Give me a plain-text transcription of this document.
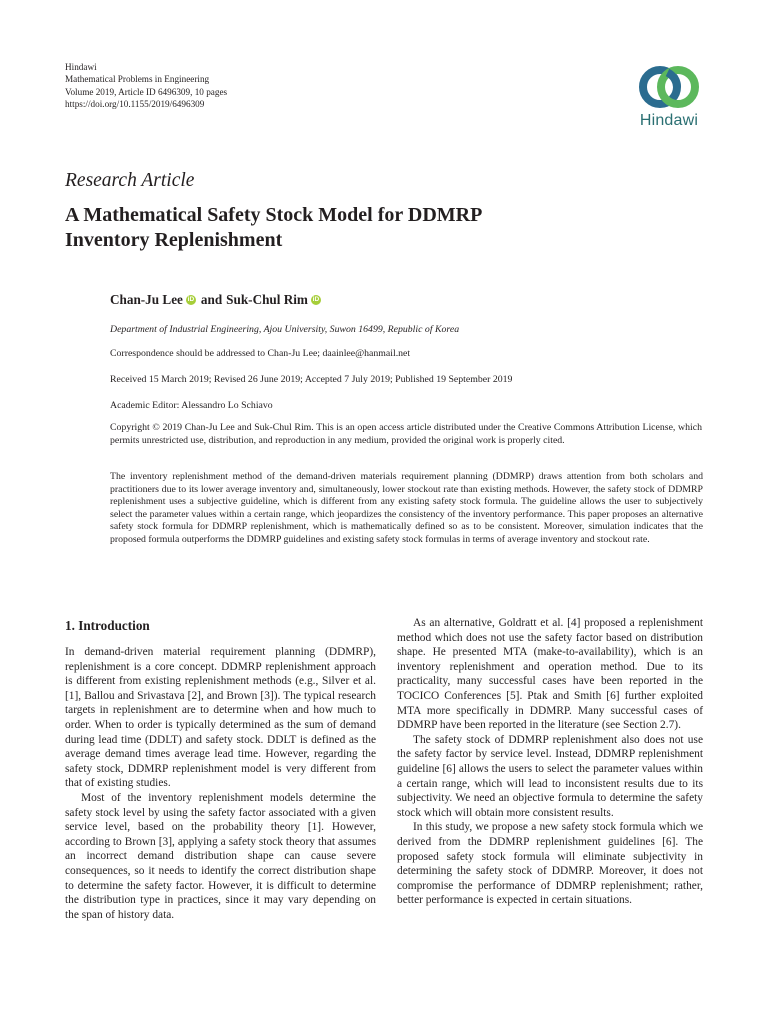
Hindawi
Mathematical Problems in Engineering
Volume 2019, Article ID 6496309, 10 pages
https://doi.org/10.1155/2019/6496309
Hindawi
Research Article
A Mathematical Safety Stock Model for DDMRP
Inventory Replenishment
Chan-Ju Lee iD and Suk-Chul Rim iD
Department of Industrial Engineering, Ajou University, Suwon 16499, Republic of Korea
Correspondence should be addressed to Chan-Ju Lee; daainlee@hanmail.net
Received 15 March 2019; Revised 26 June 2019; Accepted 7 July 2019; Published 19 September 2019
Academic Editor: Alessandro Lo Schiavo
Copyright © 2019 Chan-Ju Lee and Suk-Chul Rim. This is an open access article distributed under the Creative Commons Attribution License, which permits unrestricted use, distribution, and reproduction in any medium, provided the original work is properly cited.
The inventory replenishment method of the demand-driven materials requirement planning (DDMRP) draws attention from both scholars and practitioners due to its lower average inventory and, simultaneously, lower stockout rate than existing methods. However, the safety stock of DDMRP replenishment uses a subjective guideline, which is different from any existing safety stock formula. The guideline allows the user to subjectively select the parameter values within a certain range, which jeopardizes the consistency of the inventory performance. This paper proposes an alternative safety stock formula for DDMRP replenishment, which is mathematically defined so as to be consistent. Moreover, simulation indicates that the proposed formula outperforms the DDMRP guidelines and existing safety stock formulas in terms of average inventory and stockout rate.
1. Introduction

In demand-driven material requirement planning (DDMRP), replenishment is a core concept. DDMRP replenishment approach is different from existing replenishment methods (e.g., Silver et al. [1], Ballou and Srivastava [2], and Brown [3]). The typical research targets in replenishment are to determine when and how much to order. When to order is typically determined as the sum of demand during lead time (DDLT) and safety stock. DDLT is defined as the average demand times average lead time. However, regarding the safety stock, DDMRP replenishment model is very different from that of existing studies.

Most of the inventory replenishment models determine the safety stock level by using the safety factor associated with a given service level, based on the probability theory [1]. However, according to Brown [3], applying a safety stock theory that assumes an incorrect demand distribution shape can cause severe consequences, so it needs to identify the correct distribution shape to determine the safety factor. However, it is difficult to determine the distribution type in practices, since it may vary depending on the span of history data.

As an alternative, Goldratt et al. [4] proposed a replenishment method which does not use the safety factor based on distribution shape. He presented MTA (make-to-availability), which is an inventory replenishment and operation method. Due to its practicality, many successful cases have been reported in the TOCICO Conferences [5]. Ptak and Smith [6] further exploited MTA more specifically in DDMRP. Many successful cases of DDMRP have been reported in the literature (see Section 2.7).

The safety stock of DDMRP replenishment also does not use the safety factor by service level. Instead, DDMRP replenishment guideline [6] allows the users to select the parameter values within a certain range, which will lead to inconsistent results due to its subjectivity. We need an objective formula to determine the safety stock which will obtain more consistent results.

In this study, we propose a new safety stock formula which we derived from the DDMRP replenishment guidelines [6]. The proposed safety stock formula will eliminate subjectivity in determining the safety stock of DDMRP. Moreover, it does not compromise the performance of DDMRP replenishment; rather, better performance is expected in certain situations.
